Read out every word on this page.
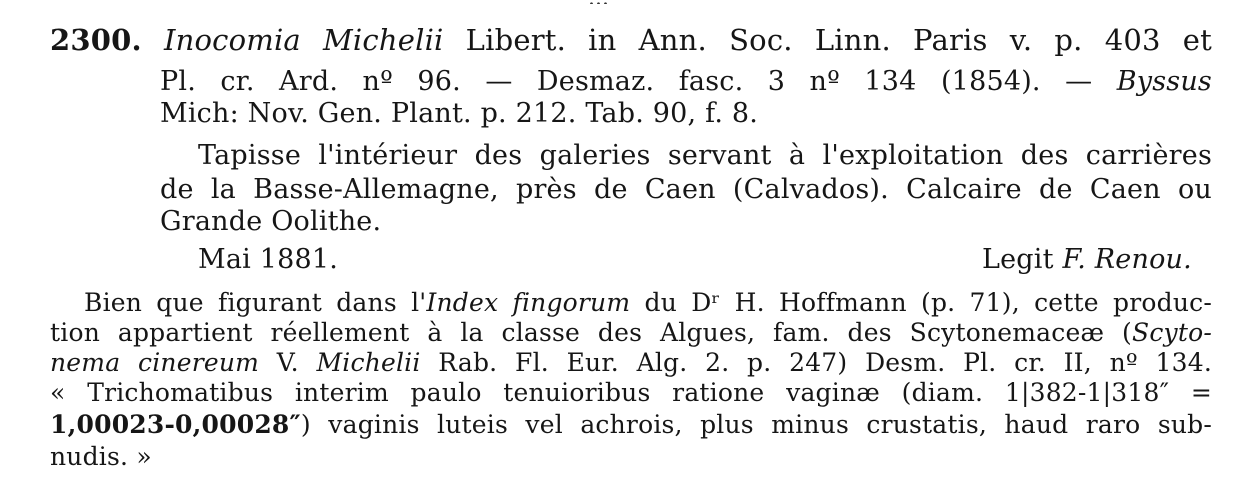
2300. Inocomia Michelii Libert. in Ann. Soc. Linn. Paris v. p. 403 et
Pl. cr. Ard. nº 96. — Desmaz. fasc. 3 nº 134 (1854). — Byssus
Mich: Nov. Gen. Plant. p. 212. Tab. 90, f. 8.
Tapisse l'intérieur des galeries servant à l'exploitation des carrières
de la Basse-Allemagne, près de Caen (Calvados). Calcaire de Caen ou
Grande Oolithe.
Mai 1881.	Legit F. Renou.
Bien que figurant dans l'Index fingorum du Dʳ H. Hoffmann (p. 71), cette produc-
tion appartient réellement à la classe des Algues, fam. des Scytonemaceæ (Scyto-
nema cinereum V. Michelii Rab. Fl. Eur. Alg. 2. p. 247) Desm. Pl. cr. II, nº 134.
« Trichomatibus interim paulo tenuioribus ratione vaginæ (diam. 1|382-1|318″ =
1,00023-0,00028″) vaginis luteis vel achrois, plus minus crustatis, haud raro sub-
nudis. »
